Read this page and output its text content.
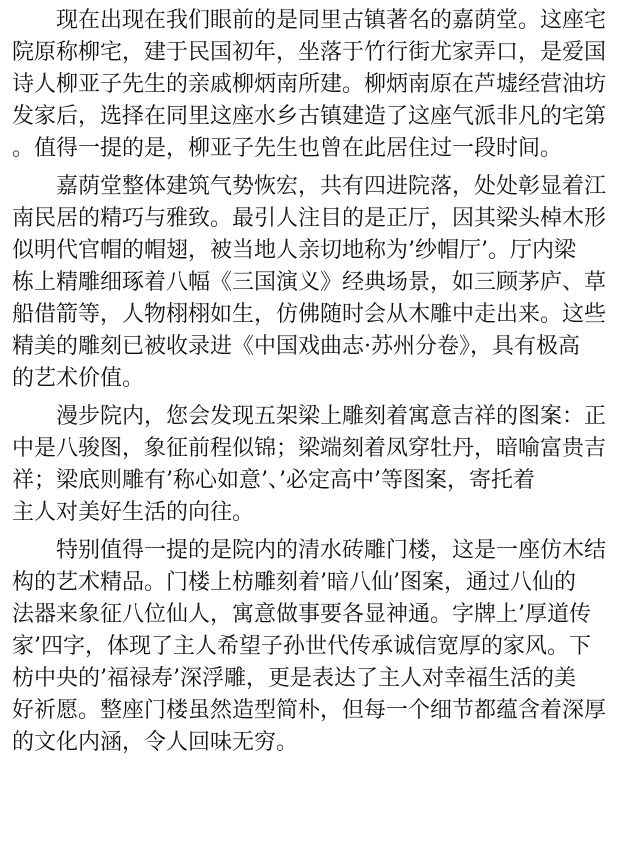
现在出现在我们眼前的是同里古镇著名的嘉荫堂。这座宅
院原称柳宅，建于民国初年，坐落于竹行街尤家弄口，是爱国
诗人柳亚子先生的亲戚柳炳南所建。柳炳南原在芦墟经营油坊
发家后，选择在同里这座水乡古镇建造了这座气派非凡的宅第
。值得一提的是，柳亚子先生也曾在此居住过一段时间。
嘉荫堂整体建筑气势恢宏，共有四进院落，处处彰显着江
南民居的精巧与雅致。最引人注目的是正厅，因其梁头棹木形
似明代官帽的帽翅，被当地人亲切地称为’纱帽厅’。厅内梁
栋上精雕细琢着八幅《三国演义》经典场景，如三顾茅庐、草
船借箭等，人物栩栩如生，仿佛随时会从木雕中走出来。这些
精美的雕刻已被收录进《中国戏曲志·苏州分卷》，具有极高
的艺术价值。
漫步院内，您会发现五架梁上雕刻着寓意吉祥的图案：正
中是八骏图，象征前程似锦；梁端刻着凤穿牡丹，暗喻富贵吉
祥；梁底则雕有’称心如意’、’必定高中’等图案，寄托着
主人对美好生活的向往。
特别值得一提的是院内的清水砖雕门楼，这是一座仿木结
构的艺术精品。门楼上枋雕刻着’暗八仙’图案，通过八仙的
法器来象征八位仙人，寓意做事要各显神通。字牌上’厚道传
家’四字，体现了主人希望子孙世代传承诚信宽厚的家风。下
枋中央的’福禄寿’深浮雕，更是表达了主人对幸福生活的美
好祈愿。整座门楼虽然造型简朴，但每一个细节都蕴含着深厚
的文化内涵，令人回味无穷。
